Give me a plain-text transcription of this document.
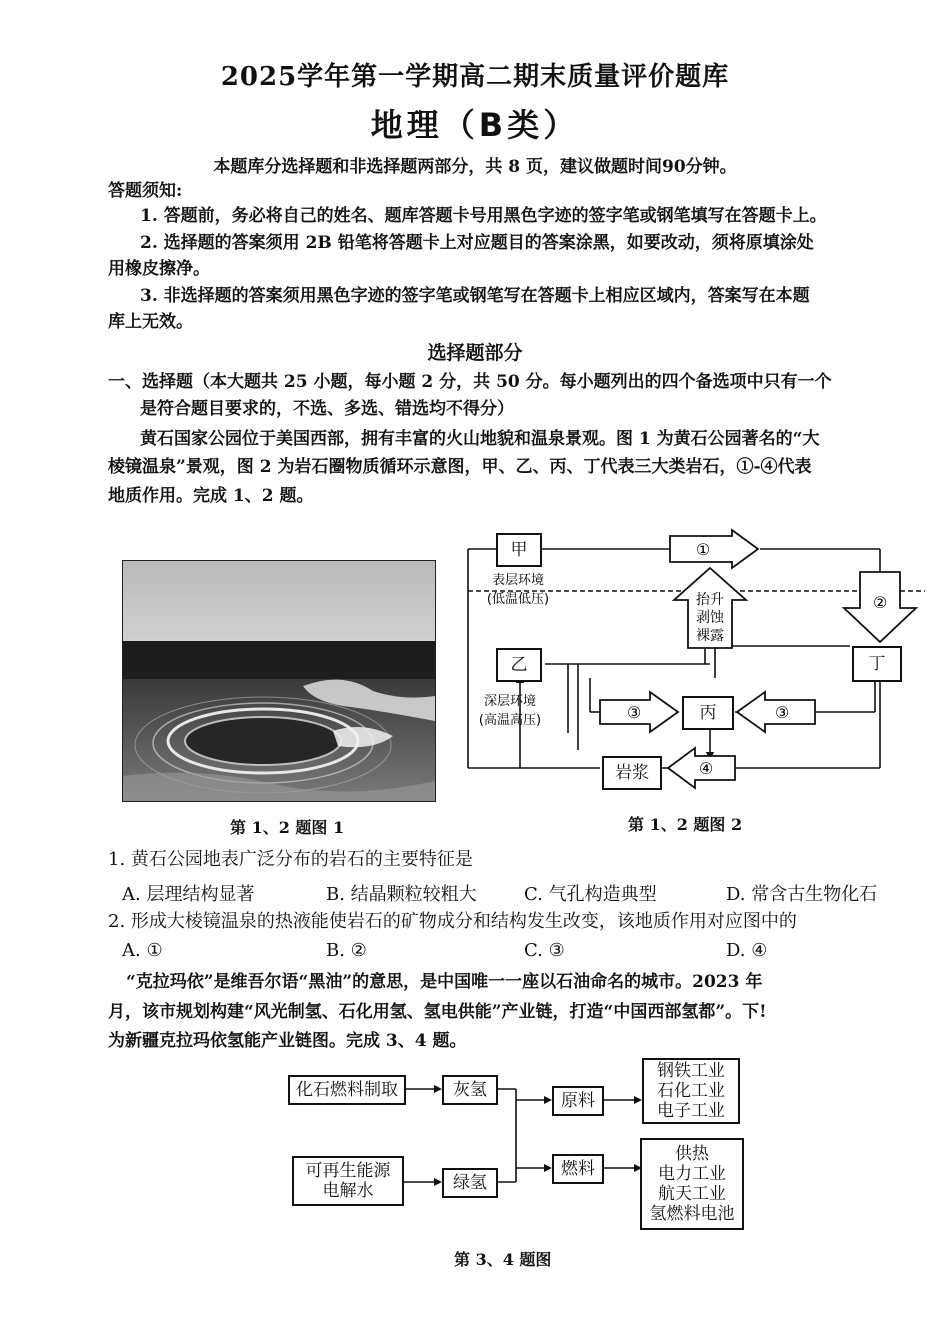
2025学年第一学期高二期末质量评价题库
地理（B类）
本题库分选择题和非选择题两部分，共 8 页，建议做题时间90分钟。
答题须知:
1. 答题前，务必将自己的姓名、题库答题卡号用黑色字迹的签字笔或钢笔填写在答题卡上。
2. 选择题的答案须用 2B 铅笔将答题卡上对应题目的答案涂黑，如要改动，须将原填涂处
用橡皮擦净。
3. 非选择题的答案须用黑色字迹的签字笔或钢笔写在答题卡上相应区域内，答案写在本题
库上无效。
选择题部分
一、选择题（本大题共 25 小题，每小题 2 分，共 50 分。每小题列出的四个备选项中只有一个
是符合题目要求的，不选、多选、错选均不得分）
黄石国家公园位于美国西部，拥有丰富的火山地貌和温泉景观。图 1 为黄石公园著名的“大
棱镜温泉”景观，图 2 为岩石圈物质循环示意图，甲、乙、丙、丁代表三大类岩石，①-④代表
地质作用。完成 1、2 题。
第 1、2 题图 1
①
②
抬升
剥蚀
裸露
③	③
④
表层环境
(低温低压)
深层环境
(高温高压)
甲
乙
丙
丁
岩浆
第 1、2 题图 2
1. 黄石公园地表广泛分布的岩石的主要特征是
A. 层理结构显著	B. 结晶颗粒较粗大	C. 气孔构造典型	D. 常含古生物化石
2. 形成大棱镜温泉的热液能使岩石的矿物成分和结构发生改变，该地质作用对应图中的
A. ①	B. ②	C. ③	D. ④
“克拉玛依”是维吾尔语“黑油”的意思，是中国唯一一座以石油命名的城市。2023 年
月，该市规划构建“风光制氢、石化用氢、氢电供能”产业链，打造“中国西部氢都”。下!
为新疆克拉玛依氢能产业链图。完成 3、4 题。
化石燃料制取
可再生能源
电解水
灰氢
绿氢
原料
燃料
钢铁工业
石化工业
电子工业
供热
电力工业
航天工业
氢燃料电池
第 3、4 题图
